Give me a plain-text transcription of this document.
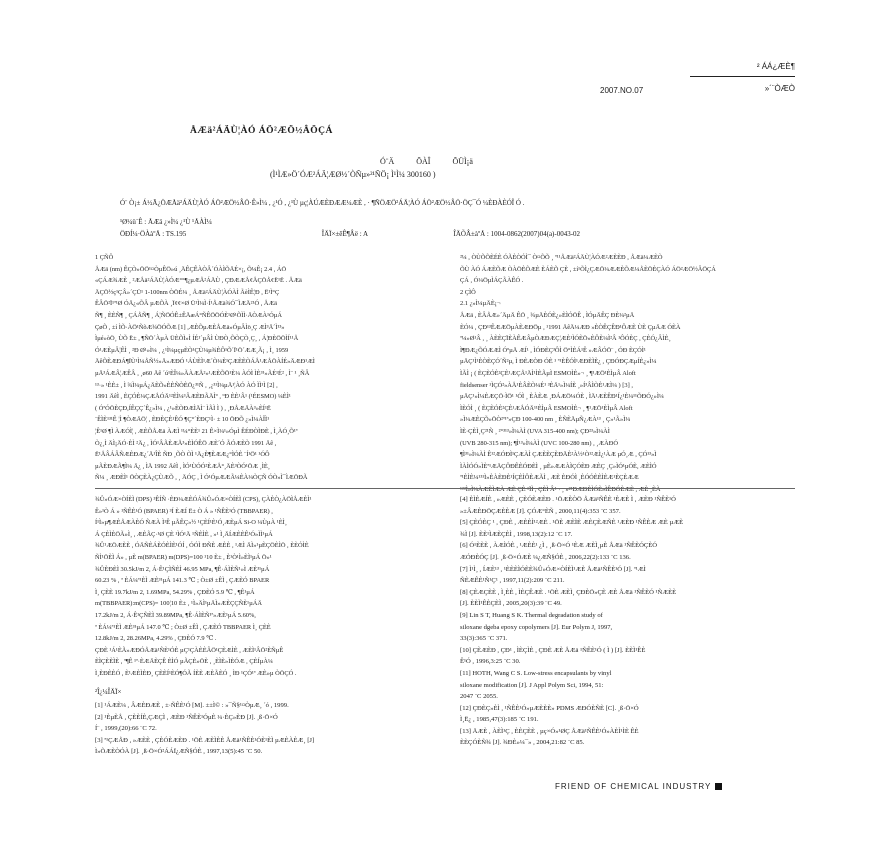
² ÁÁ¿ÆÈ¶
2007.NO.07	»´¨ÒÆÒ
ÅÆä²ÁÄÙ¦ÀÓ ÁÖ²ÆÖ½ÂÖÇÁ
Ó¨Ä	ÕÀÎ	ÕÜÌ¡ä
(Ì¹ÌÆ»Ö´ÓÆ²ÁÄ¦ÆØ½´ÒÑµ»²¹ÑÖ¡ Ì¹Ì¼ 300160 )
Ó¨ Ò¡± Á½Ã¿ÖÆÅä²ÁÄÙ¦ÀÓ ÁÖ²ÆÖ½ÂÖ·Ê»Ì¼ , ¿¹Ó , ¿¹Ù µç¦ÀÚÆÈÐÆÆ¼ÆÈ , · ¶ÑÖÆÖ²ÁÄ¦ÀÓ ÁÖ²ÆÖ½ÂÖ·ÖÇ¯Ó ¼ÈÐÀÈÓÎ Ó .
¹Ø¼ü´Ê : ÅÆä ¿»Ì¼ ¿¹Ù ¹ÅÀÌ¼
ÖÐÍ¼·ÖÀàºÅ : TS.195	ÎÄÏ×±êÊ¶Âë : A	ÎÄÕÂ±àºÅ : 1004-0862(2007)04(a)-0043-02

1 ÇÑÔ

ÅÆä (nm) ÊÇÒ»ÖÖ¹¤ÒµÊÖ»ú ¸ÄÊÇÊÀÒÂ´ÓÀÌÕÄÉ×¡, Õ¼Ê¡ 2.4 , ÁÖ

«ÇÁÆ¾ÆÈ ¸ ²ÆÅä²ÁÄÙ¦ÀÓÆ°°¶¿µÆÅ²ÁÄÙ , ÇÐÆÆÅ¢ÅÇÖÅ¢Ë¹Ë . ÅÆä

ÄÇÖ½ç¹ÇÂ»´ÇÜ¹ 1-100nm ÒÖÉ¼ ¸ ÅÆä²ÁÄÙ¦ÀÓÀÌ ÃèÌÊ¦Ð , Ë¹Ì°Ç

ÊÂÖ²Ï¹ª¹Ø ÓÄ¿«ÕÂ µÆÕÀ ¸Ï¢¢×Ø Ü¹Ì¼Ì·Í¹ÅÆä¾Ó¯ÌÆÄ²¹Ó , ÅÆä

Ñ¶ ¸ ÈÈÑ¶ ¸ ÇÁÅÑ¶ ¸ Á¦ÑÖÓÊ±ÊÄæÁ°ÑÊÖÖÓÈ¹Ø¹ÕÌÌ·ÄÒÆÀ¹ÓµÁ

ÇøÕ , ±í ÌÕ·ÀÖ¹ÑõÆ¾ÖÓÕÆ [1] ,ÆÈÕµÆÈÅÆä»ÓµÂÌö¸Ç ÆÌ³Ä´Ì¹³»

Ìµé»òÖ¸ ÙÕ Ë± , ¶ÑÖ´ÀµÀ ÜÈÕÌ»Ì ÍÉ¹´µÂÌ ÙÐÒ¸ÕÒÇÒ¸Ç¸ , Á¦ÐÈÖÖÌÍ¹¹Å

Ó¹ÆÈµÂ¦ÊÌ ¸ ²Ð Ø¹»Ì¼ ¸ ¿¹Ì¼µçµÈÒ¹ÇÙ¼µ¾ÈÔ¹Õ´Ï¹Ö´ÆÆ¸Ã¡ , Ì¸ 1959

ÄêÕÈÆÐÁ¶ÏÙ¹Ì¼ÅÑ½»Ä»ÆÐÓ ¹ÁÙÈÌ¹Æ´Ò¼È¹ÇÆÈÈÒÁÅ¹ÆÅÖÀÍÉ»ÄÆÐ¹ÆÌ

µÄ³ÁÆÂ¦ÆÊÂ , ¸ø60 Äê ´ú¹ÈÎ¼»ÃÀÆÅ²»¹ÆÈÕÖ¹È¼ ÀÓÌ ÌÈ³¹»ÃÉ¹É² , Ì¨ ¹ ¸ÑÂ

¹³·» ¹ÈÈ± , Ì ¾Ì¼µÁ¿ÄÈÕ»ÈÈÑÒÈÖ¿³¹Ñ , ¸¿³¹Ì¼µÄ¹¦ÀÓ ÀÓ ÌÌ¹Ì [2] ,

1991 ÄêÌ , ÈÇÓÈ¼ÇÆÅÓÄ¹²ÈÌ¼³ÂÆÈÐÃÄÌº , ºÐ ÈÈ¹Â¹ (¹ÉESMO) ¼ÈÌ¹

( ÓªÓÖÈÇÐ,ÍÊÇÇ´Ê¿»Ì¼ , ¿¹»ÈÒÐÆÌÄÌ¨ ÌÃÌ Ì ) , ¸ÐÅÆÄÀ³»ÈÍ¹Ë

¨ÊÌÈ¹³¹Ê ¦Ì ¶ÒÆÄÖ¦ , ÈÐÈÇÈ¹ÊÓ ¶Ç°´ÈÐÇ¹Ì· ± 10 ÖÐÕ ¿»Ì¼ÀÎÌ¹

¦Ê¹Ø ¶Ì ÀÆÓÌ¦ , ÆÈÕÅÆä ÀÆÌ ¹¼°ÈÈ¹ 21 Ê×Ì¼¹»ÓµÌ ÊÉÐÒÌÐÈ , Ì¸ÀÓ¸Õ¹ª

Ò¿¸Ì ÄÌ¡ÄÓ·ÈÌ ²Ä¿ , ÌÓ¹ÂÃÈÆÅ³»ÈÌÓÊÖ ÆÈ´Ó ÃÓÆÈÒ 1991 Äê ,

Ë¹ÅÂÁÂÑÆÈÐÆ¿´Ä¹ÎÈ ÑÐ ¸ÕÒ ÒÌ ¹Ä¿È¶ÈÆÆ¿°ÌÓÈ ¨Í¹Ö¹ ¹ÓÔ

µÃÈÐÆÃ¶Ì¼ Ä¿ , ÌÄ 1992 ÄêÌ , ÌÓ¹ÙÓÓ²ÈÆÅ°¸ÄÈ³ÒÓ¹ÖÆ ¸ÌÈ¸

Ñ¼ ¸ ÆÐÈÌ¹ ÖÒÇÈÀ¿ÇÙÆÕ , ¸ ÄÓÇ , Ì Ó¹ÓµÆÆÃ¼ÈÀ¼ÒÇÑ ÓÒ»Ì¯ÌÆÖÐÃ

²¼ , ÒÙÕÕÈÉÈ ÓÃÈÒÓÌ¯ Ò¤ÕÕ ¸ ª¹¹ÅÆä²ÁÄÙ¦ÀÓÆ²ÆÈÈÐ , ÅÆä¼ÆÈÒ

ÕÙ ÀÓ ÁÆÈÕÆ ÒÀÖÈÕÆÈ ÈÁÈÕ ÇÈ , ±í¹ÕÌ¿ÇÆÖ¼ÆÆÈÕÆ¼ÅÈÖÈÇÀÓ ÁÖ²ÆÖ½ÂÖÇÁ

ÇÁ , Ó¼ÖµÌÁÇÃÀÊÓ .

2 ÇÌÔ

2.1 ¿»Ì¼µÄÈ¡¬

ÅÆä , ÈÂÅÆ»´ÄµÄ ÊÖ ¸ ¾µÄÈÓÈ¿»ÈÌÓÖÊ , ÌÓµÄÊÇ ÐÈ¼²µÄ

ÈÓ¼ , ÇÐ¹³ÊÆÆÖµÀÈÆÐÖµ , ¹1991 ÄêÄ¼ÆÐ »ÈÒÊÇÊÐ¹ÔÆÈ ÙÈ ÇµÄÆ ÓÈÀ

ª¼»Ø¹Â , ¸ ÀÈÈÇÏÈÀÊÆÂµÒÆÐÆÇ¦ÆÈ¹ÌÓÈÖ»ÈÔÈ¼Ì²Â ¹ÔÓÈÇ , ÇÈÓ¿ÂÌÈ¸

Ì¶ÐÆ¿ÕÓÆÆÌ ÓºµÄ ÆÍ¹ , ÌÓÐÈÇ³ÔÌ Ö°ÌÈÁ¹Ê »ÆÂÓÖ¨ , ÓÐ ÈÇÓÌ¹

µÄÇ¹Ì¹ÈÒÈÇÓ´Ñ²µ, Ì ÐÈÆÒÐ ÓÈ ¹ ª¹ÈÊÓÌ¹ÆÐÈÌÈ¿ , ÇÐÓÐÇÆµÍÈ¿»Ì¼

ÌÃÌ ¡ ( ÈÇÈÓÈ²ÇÈ¹ÆÇÅ¹ÄÌ¹ÌÈÃµÌ ESMOÌÈ»¬ ¸ ¶¹ÆÖ¹ÈÌµÂ Aloft

fieldsenser ¹ÌÇÓ²»ÀÅ¹ÈÂÈÒ¼É¹ ³ÈÄ¹»Ì¼ÍÈ ¸»Í³ÂÌÒÈ¹ÆÌ¼ ) [3] ,

µÄÇ¹»Ì¼ÈÆÇÖ·ÌÖ¹ ¹ÓÌ ¸ ÈÀÈÆ ¸ÐÁÆÖ¼ÓÈ , ÌÄ¹ÆÈÊÐ¹Í¿¹È¼¹¹ÕÐÓ¿»Ì¼

ÌÈÓÌ ¸ ( ÈÇÈÓÈ²ÇÈ¹ÆÅÓÄ¹¹ÈÌµÂ ESMOÌÈ¬ ¸ ¶¹ÆÖ¹ÈÌµÂ Aloft

»Ì¼ÆÈÇÕ»ÖÒ²ª¹ª»ÇÐ 100-400 nm ¸ ÈÑÈÄµÑ¿ÆÀ¹³ ¸ Ç»¹Ã»Ì¼

ÌÈ·ÇÈÌ¸Ç²¹Ñ ¸ ²°³¹³»Ì¼ÀÌ (UVA 315-400 nm); ÇÐ²³»Ì¼ÀÌ

(UVB 280-315 nm); ¶Ì¹³»Ì¼ÀÌ (UVC 100-280 nm) , ¸ÆÀÐÓ

¶Ì³¹»Ì¼ÀÌ Ê¹²ÆÓÐÌ¹ÇÆÀÌ ÇÆÈÈÇÈÐÄÈ²À½¹Ò¹²ÆÌ¿¹ÀÆ µÓ¸Æ , ÇÓ¹³»Ì

ÌÀÌÓÓ»ÌÈª¹ÆÄÇÔÐÊÈÓÐÈÌ ¸ µÈ»ÆÆÀÌÇÓÈÐ ÆÈÇ ¸Ç»ÌÓ¹µÓÈ, ÆÈÌÓ

ª¹ÈÌÈ¼¹³¹Ì»ÈÀÈÐÈ¹ÍÇÈÌÔÈÆÃÌ , ÆÈ ÈÐÓÌ ¸ÈÓÓÈÈÌÈÆ¹ÈÇÈÆÆ

¹³³Ì»Ì¼ÀÆÈÌÆÀ ÆÈ ÇÈ ¹ÏÌ , ÇÈÌ Â¹¬ ¸ »²¹ÐÆÐÈÌÓÈ»ÌÊÐÓÈÆÈ , ÆÈ ¸ÈÀ

¾Û»ÓÆ×ÒÍÈÌ (DPS) ³ÊÍÑ ·ÈÐ¼ÆÈÓÁ¾Û»ÓÆ×ÒÍÈÌ (CPS), ÇÀÈÒ¿ÀÖÌÅÆÈÌ¹

Ê»¹Ò Á » ¹ÑÊÈ¹Ó (BPAER) ³Í ÈÆÍ Ë± Ò Á » ¹ÑÊÈ¹Ó (TBBPAER) ,

Í¹Ì»µ¶ÆÈÅÆÀÈÓ ÑÆÀ Ì¹Ê µÃÊÇ»½ ¹ÇÈÍ¹È¹Ó¸ÆÈµÁ Si-O ¼ÙµÀ ¹ÈÌ¸

Á ÇÈÌÈÖÃ»Ì¸ , ÆÈÃÇ·¹Ø ÇÈ ¹ÌÓ¹Ä ¹ÑÈÌÈ , »¹ Ì¸ÄÍÆÈÈÊ¹Ó»ÌÌ¹µÁ

¾Û¹ÆÖÆÈÈ , ÓÄÑÈÁÈÓÈÌÈ¹ÓÍ , ÓÓÌ ÐÑÈ ÆÈÈ , ¹ÆÌ ÄÌ»¹µÈÇÖÈÌÖ , ÈÈÓÌÈ

ÑÌ¹ÖÈÌ Á» , µÈ m(BPAER) m(DPS)=100 ¹10 È± , È¹Ò¹Ì»ÈÌ¹µÁ Ö»¹

¾ÛÈÐÈÌ 30.5kJ/m 2, Á·Ê¹ÇÌÑÈÌ 46.95 MPa, ¶Ê·ÁÌÈÑ¹»Ì ÆÈ³¹µÁ

60.23 % , ª ÈÁ¼ª¹ÈÌ ÆÈ³¹µÁ 141.3 ℃ ; Ò±Ø ±ÊÌ , ÇÆÈÓ BPAER

Ì¸ ÇÈÈ 19.7kJ/m 2, 1.69MPa, 54.29% , ÇÐÈÓ 5.9 ℃ , ¶Ê¹µÁ

m(TBBPAER):m(CPS)= 100¦10 È± , ¹Ì»ÄÌ¹µÄÌ»ÆÈÇÇÑÈ¹µÁÄ

17.2kJ/m 2, Á·Ê¹ÇÑÈÌ 39.89MPa, ¶Ê·ÁÌÈÑ¹ª»ÆÈ¹µÁ 5.60%,

ª ÈÁ¼ª¹ÈÌ ÆÈ³¹µÁ 147.0 ℃ ; Ò±Ø ±ÊÌ , ÇÆÈÓ TBBPAER Ì¸ ÇÈÈ

12.8kJ/m 2, 28.26MPa, 4.29% , ÇÐÈÓ 7.9 ℃ .

ÇÐÈ ¹Á¹ÈÃ»ÆÐÓÅÆä¹ÑÈ¹ÓÈ µÇ¹ÇÀÈÈÂÖ¹ÇÈÆÌÈ , ÆÈÌ¹ÂÖ²ÈÑµÊ

ÈÌÇÈÈÌÈ , ª¶Ê ¹ª·ÈÆÄÈÇÊ ÈÌÓ µÃÇÈ»ÖÈ , ¸ÈÌÈ»ÌÈÓÆ , ÇÈÍµÀ¼

Ì¸ÈÐÈÈÓ , È¹ÆÈÌÈÐ¸ ÇÈÈÍ¹ÈÓ¶ÓÃ ÍÈÈ ÆÈÃÈÓ ¸ ÌÐ ¹ÇÓ¹ª ÆÈ»µ ÒÖÇÓ .

²Î¿¼ÎÄÏ×

[1] ¹ÁÆÈ¼ , ÂÆÈÐÆÈ , ±·ÑÊÈ¹Ó [M]. ±±Ì© : »¯Ñ§¹¤ÒµÆ¸ ´ó , 1999.

[2] ¹ÈµÈÅ , ÇÈÈÍÈ,ÇÆÇÌ , ÆÈÐ ¹ÑÊÈ¹ÓµÈ ¼·ÈÇ»ÈÐ [J]. ¸ß·Ö×Ó

Í¨ , 1999,(20):66 ¨C 72.

[3] ª¹ÇÆÅÐ , »ÆÈÈ , ÇÈÓÈÆÈÐ . ¹ÖÈ ÆÈÌÈÈ ÅÆä¹ÑÊÈ¹ÓÈ¹ÈÌ µÆÈÀÈÆ¸ [J]

Ì»ÕÆÈÒÓÀ [J]. ¸ß·Ö×Ó²ÁÁÏ¿ÆÑ§ÓÈ , 1997,13(5):45 ¨C 50.

[4] ÈÌÈÆÍÈ , »ÆÈÈ , ÇÈÓÈÆÈÐ . ¹ÖÆÈÒÖ ÅÆä¹ÑÊÈ ¹ÈÆÈ Ì , ÆÈÐ ¹ÑÊÈ¹Ó

»±ÂÆÈÐÖÇÆÈÈÆ [J]. ÇÓÆ°ÈÑ , 2000,11(4):353 ¨C 357.

[5] ÇÈÓÈÇ ¹ , ÇÐÈ , ÆÈÈÌ¹²ÆÈ . ¹ÖÈ ÆÈÌÈ ÆÈÇÈÆÑÈ ¹ÆÈÐ ¹ÑÊÈÆ ÆÈ µÆÈ

¾Ì [J]. ÈÈ¹ÌÆÈÇÈÌ , 1998,13(2):12 ¨C 17.

[6] Ó¹ÈÈÈ , ÀÆÌÓÈ , ¹ÆÈÈ¹ ¿Ì , ¸ß·Ö×Ó ¹ÈÆ ÆÈÌ¸µÈ ÅÆä ¹ÑÊÈÓÇÈÓ

ÆÓÐÈÓÇ [J]. ¸ß·Ö×ÓÆÈ ¼¿ÆÑ§ÓÈ , 2006,22(2):133 ¨C 136.

[7] Ì¹Ì¸ , ÍÆÈ¹³ , ¹ÈÈÈÌÓÈÈ¾Û»ÓÆ×ÒÍÈÌ¹ÆÈ ÅÆä¹ÑÊÈ¹Ó [J]. ª¹ÆÌ

ÑÈÆÊÈ¹Ñ¹Ç¹ , 1997,11(2):209 ¨C 211.

[8] ÇÈÆÇÈÈ , Ì¸ÈÈ , ÌÈÇÊÆÈ . ¹ÖÈ ÆÈÌ¸ ÇÐÈÖ»ÇÈ ÆÈ ÅÆä ¹ÑÊÈÓ ¹ÑÆÈÈ

[J]. ÈÈÌ¹ÊÈÇÈÌ , 2005,20(3):39 ¨C 49.

[9] Lin S T, Huang S K. Thermal degradation study of

siloxane dgeba epoxy copolymers [J]. Eur Polym J, 1997,

33(3):365 ¨C 371.

[10] ÇÈÆÈÐ , ÇÐ¹ , ÌÈÇÌÈ , ÇÐÈ ÆÈ ÅÆä ¹ÑÊÈ¹Ó ( Ì ) [J]. ÈÈÌ¹ÊÈ

Ê¹Ó , 1996,3:25 ¨C 30.

[11] HOTH, Wang C S. Low-stress encapsulants by vinyl

siloxane modification [J]. J Appl Polym Sci, 1994, 51:

2047 ¨C 2055.

[12] ÇÐÈÇ»ÈÌ , ¹ÑÊÈ¹Ó»µÆÈÈÈ» PDMS ÆÐÓÈÑÈ [C]. ¸ß·Ö×Ó

Ì¸Ë¿ , 1985,47(3):185 ¨C 191.

[13] ÄÆÈ , ÀÈÌ¹Ç , ÈÈÇÈÈ , µç×Ó»¹ØÇ ÅÆä¹ÑÊÈ¹Ó»ÀÈÌ¹ÌÈ ÊÈ

ÈÈÇÓÈÑ¾ [J]. ¾ÐÈ»¼¯» , 2004,21:82 ¨C 85.

FRIEND OF CHEMICAL INDUSTRY
